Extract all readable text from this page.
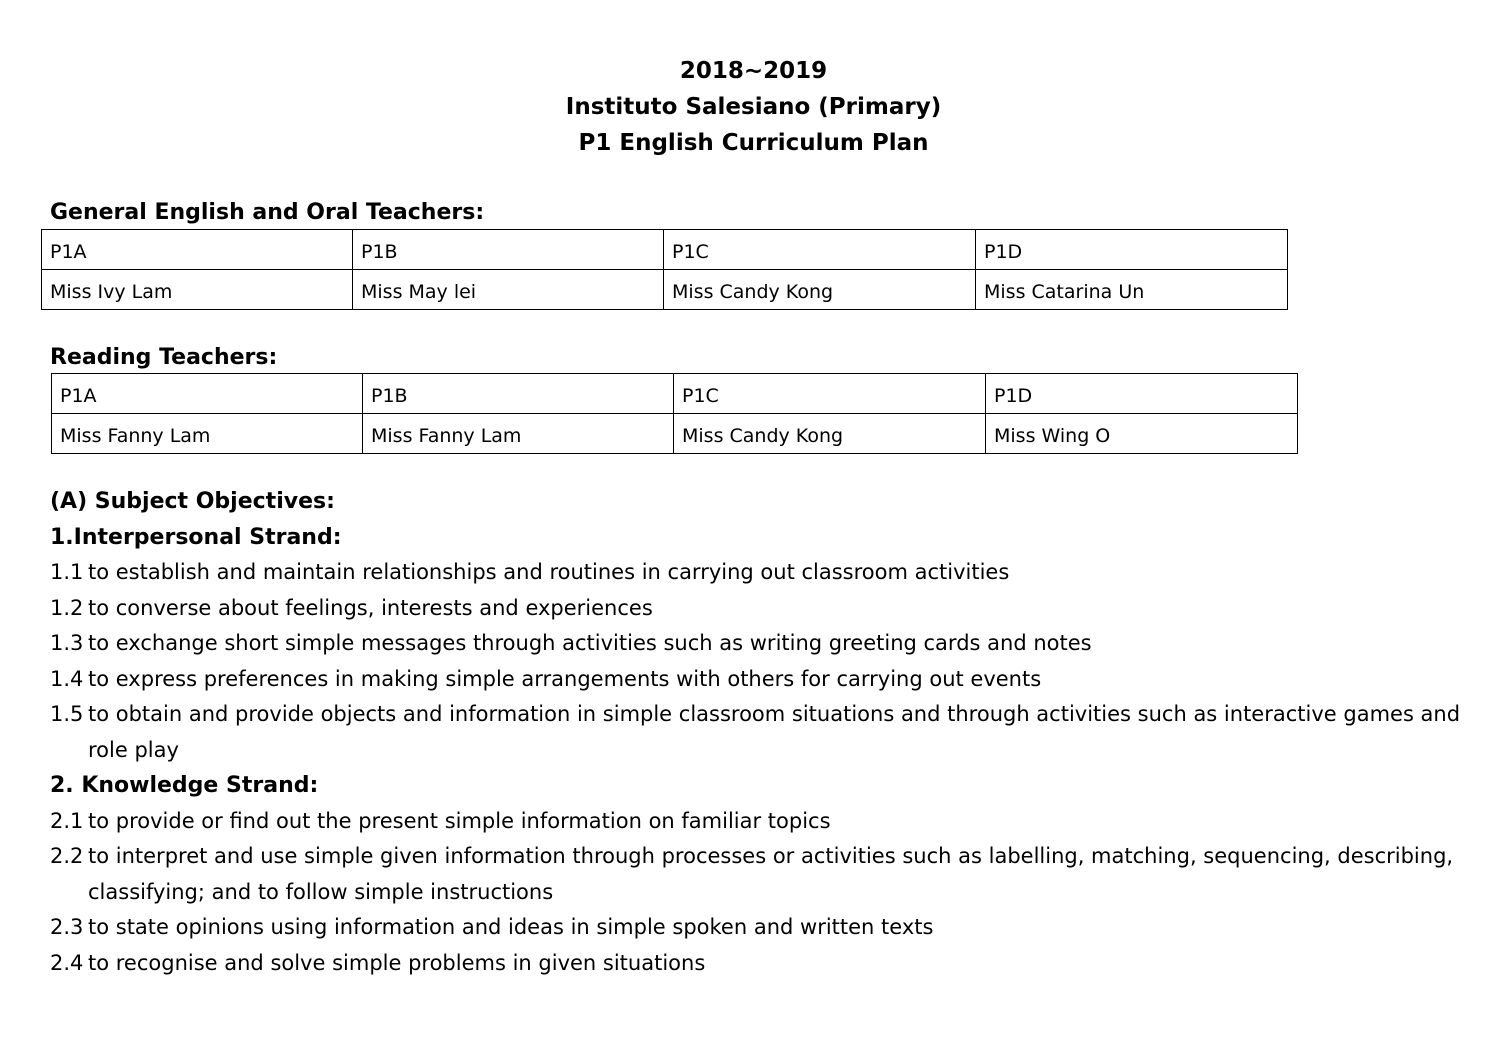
2018~2019
Instituto Salesiano (Primary)
P1 English Curriculum Plan
General English and Oral Teachers:
P1A	P1B	P1C	P1D
Miss Ivy Lam	Miss May lei	Miss Candy Kong	Miss Catarina Un
Reading Teachers:
P1A	P1B	P1C	P1D
Miss Fanny Lam	Miss Fanny Lam	Miss Candy Kong	Miss Wing O
(A) Subject Objectives:
1.Interpersonal Strand:
1.1 to establish and maintain relationships and routines in carrying out classroom activities
1.2 to converse about feelings, interests and experiences
1.3 to exchange short simple messages through activities such as writing greeting cards and notes
1.4 to express preferences in making simple arrangements with others for carrying out events
1.5 to obtain and provide objects and information in simple classroom situations and through activities such as interactive games and role play
2. Knowledge Strand:
2.1 to provide or find out the present simple information on familiar topics
2.2 to interpret and use simple given information through processes or activities such as labelling, matching, sequencing, describing, classifying; and to follow simple instructions
2.3 to state opinions using information and ideas in simple spoken and written texts
2.4 to recognise and solve simple problems in given situations
